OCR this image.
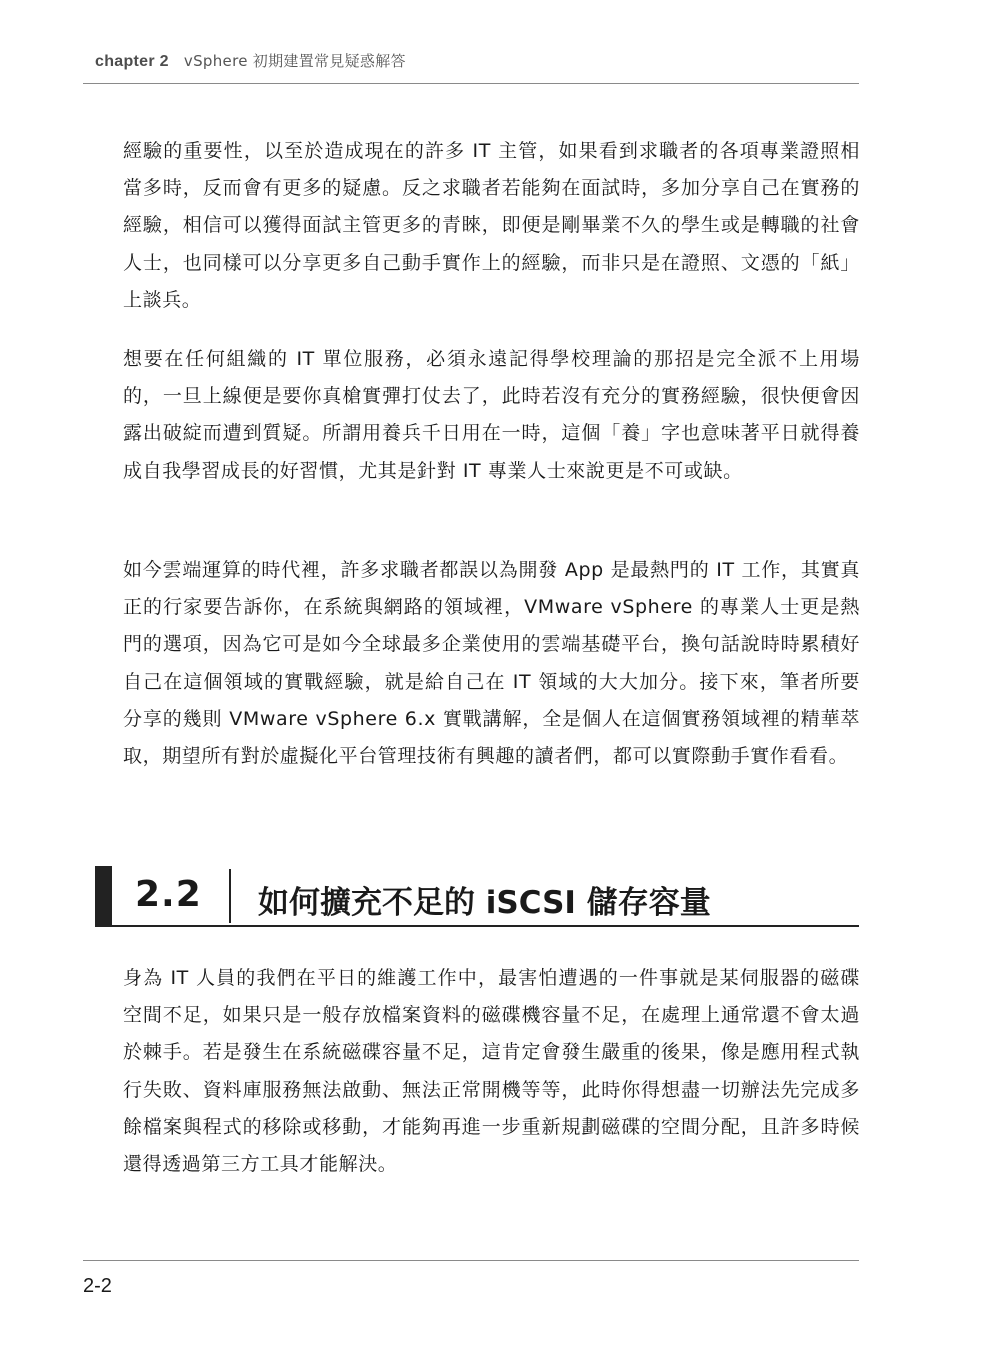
chapter 2 vSphere 初期建置常見疑惑解答

經驗的重要性，以至於造成現在的許多 IT 主管，如果看到求職者的各項專業證照相當多時，反而會有更多的疑慮。反之求職者若能夠在面試時，多加分享自己在實務的經驗，相信可以獲得面試主管更多的青睞，即便是剛畢業不久的學生或是轉職的社會人士，也同樣可以分享更多自己動手實作上的經驗，而非只是在證照、文憑的「紙」上談兵。

想要在任何組織的 IT 單位服務，必須永遠記得學校理論的那招是完全派不上用場的，一旦上線便是要你真槍實彈打仗去了，此時若沒有充分的實務經驗，很快便會因露出破綻而遭到質疑。所謂用養兵千日用在一時，這個「養」字也意味著平日就得養成自我學習成長的好習慣，尤其是針對 IT 專業人士來說更是不可或缺。

如今雲端運算的時代裡，許多求職者都誤以為開發 App 是最熱門的 IT 工作，其實真正的行家要告訴你，在系統與網路的領域裡，VMware vSphere 的專業人士更是熱門的選項，因為它可是如今全球最多企業使用的雲端基礎平台，換句話說時時累積好自己在這個領域的實戰經驗，就是給自己在 IT 領域的大大加分。接下來，筆者所要分享的幾則 VMware vSphere 6.x 實戰講解，全是個人在這個實務領域裡的精華萃取，期望所有對於虛擬化平台管理技術有興趣的讀者們，都可以實際動手實作看看。

2.2 如何擴充不足的 iSCSI 儲存容量

身為 IT 人員的我們在平日的維護工作中，最害怕遭遇的一件事就是某伺服器的磁碟空間不足，如果只是一般存放檔案資料的磁碟機容量不足，在處理上通常還不會太過於棘手。若是發生在系統磁碟容量不足，這肯定會發生嚴重的後果，像是應用程式執行失敗、資料庫服務無法啟動、無法正常開機等等，此時你得想盡一切辦法先完成多餘檔案與程式的移除或移動，才能夠再進一步重新規劃磁碟的空間分配，且許多時候還得透過第三方工具才能解決。

2-2
